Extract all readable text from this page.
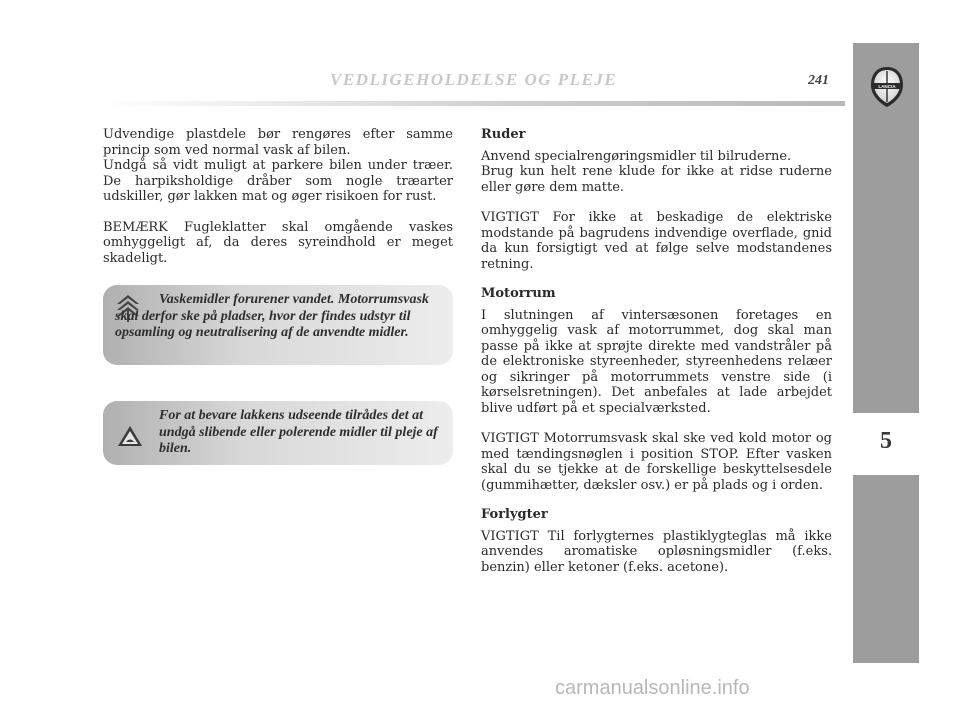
VEDLIGEHOLDELSE OG PLEJE	241	LANCIA
5

Udvendige plastdele bør rengøres efter samme princip som ved normal vask af bilen.

Undgå så vidt muligt at parkere bilen under træer. De harpiksholdige dråber som nogle træarter udskiller, gør lakken mat og øger risikoen for rust.

BEMÆRK Fugleklatter skal omgående vaskes omhyggeligt af, da deres syreindhold er meget skadeligt.

Vaskemidler forurener vandet. Motorrumsvask skal derfor ske på pladser, hvor der findes udstyr til opsamling og neutralisering af de anvendte midler.

For at bevare lakkens udseende tilrådes det at undgå slibende eller polerende midler til pleje af bilen.

Ruder

Anvend specialrengøringsmidler til bilruderne.

Brug kun helt rene klude for ikke at ridse ruderne eller gøre dem matte.

VIGTIGT For ikke at beskadige de elektriske modstande på bagrudens indvendige overflade, gnid da kun forsigtigt ved at følge selve modstandenes retning.

Motorrum

I slutningen af vintersæsonen foretages en omhyggelig vask af motorrummet, dog skal man passe på ikke at sprøjte direkte med vandstråler på de elektroniske styreenheder, styreenhedens relæer og sikringer på motorrummets venstre side (i kørselsretningen). Det anbefales at lade arbejdet blive udført på et specialværksted.

VIGTIGT Motorrumsvask skal ske ved kold motor og med tændingsnøglen i position STOP. Efter vasken skal du se tjekke at de forskellige beskyttelsesdele (gummihætter, dæksler osv.) er på plads og i orden.

Forlygter

VIGTIGT Til forlygternes plastiklygteglas må ikke anvendes aromatiske opløsningsmidler (f.eks. benzin) eller ketoner (f.eks. acetone).

carmanualsonline.info
